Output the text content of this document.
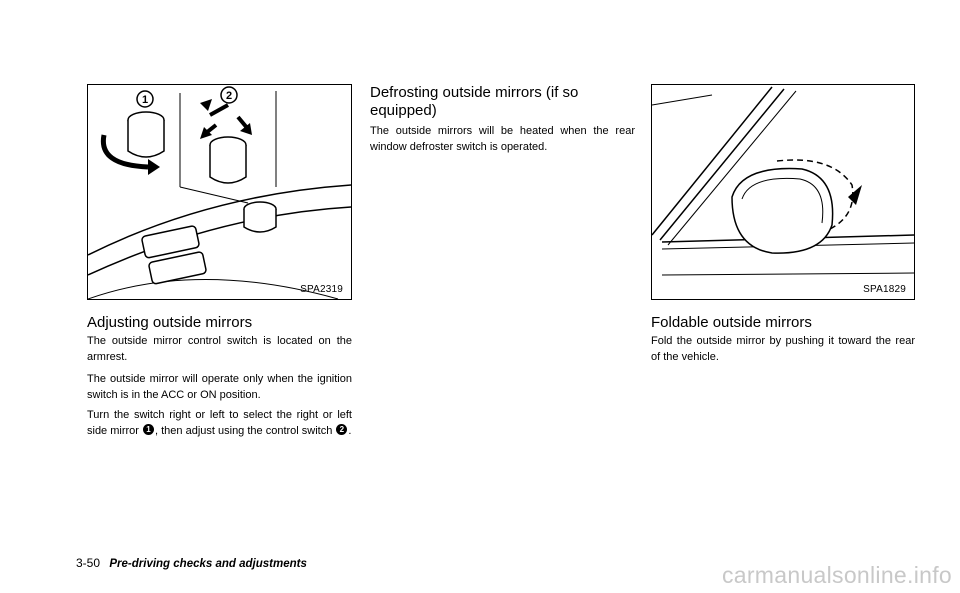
1	2
SPA2319	SPA1829
Adjusting outside mirrors

The outside mirror control switch is located on the armrest.

The outside mirror will operate only when the ignition switch is in the ACC or ON position.

Turn the switch right or left to select the right or left side mirror 1 , then adjust using the control switch 2 .

Defrosting outside mirrors (if so equipped)

The outside mirrors will be heated when the rear window defroster switch is operated.

Foldable outside mirrors

Fold the outside mirror by pushing it toward the rear of the vehicle.

3-50 Pre-driving checks and adjustments	carmanualsonline.info
